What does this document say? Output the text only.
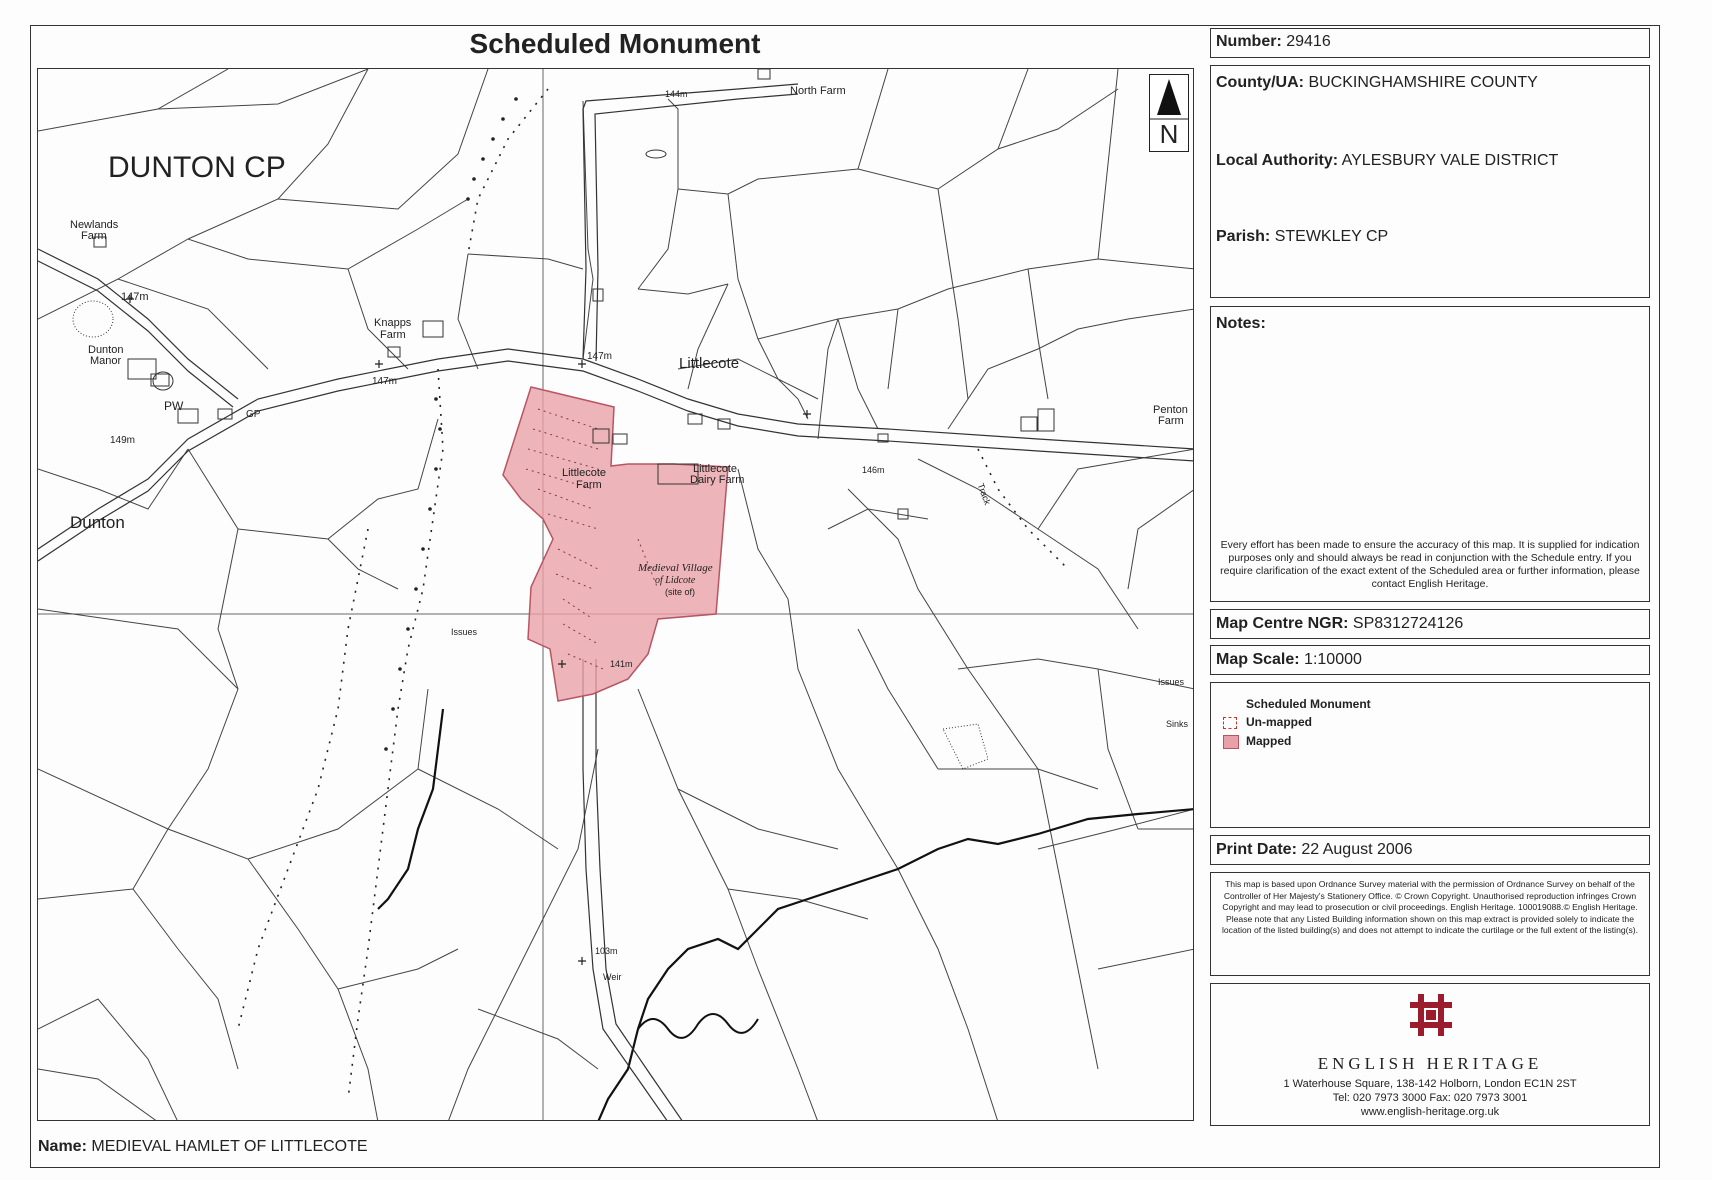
Scheduled Monument
DUNTON CP
Newlands
Farm
147m
Dunton
Manor
PW
GP
149m
Dunton
Knapps
Farm
147m
144m	North Farm
147m	Littlecote
Littlecote
Farm
Littlecote
Dairy Farm
146m
Track
Penton
Farm
Medieval Village
of Lidcote
(site of)
Issues
Issues
Sinks
141m
103m
Weir
N
Name: MEDIEVAL HAMLET OF LITTLECOTE
Number: 29416
County/UA: BUCKINGHAMSHIRE COUNTY
Local Authority: AYLESBURY VALE DISTRICT
Parish: STEWKLEY CP
Notes:
Every effort has been made to ensure the accuracy of this map. It is supplied for indication purposes only and should always be read in conjunction with the Schedule entry. If you require clarification of the exact extent of the Scheduled area or further information, please contact English Heritage.
Map Centre NGR: SP8312724126
Map Scale: 1:10000
Scheduled Monument
Un-mapped
Mapped
Print Date: 22 August 2006
This map is based upon Ordnance Survey material with the permission of Ordnance Survey on behalf of the Controller of Her Majesty's Stationery Office. © Crown Copyright. Unauthorised reproduction infringes Crown Copyright and may lead to prosecution or civil proceedings. English Heritage. 100019088.© English Heritage. Please note that any Listed Building information shown on this map extract is provided solely to indicate the location of the listed building(s) and does not attempt to indicate the curtilage or the full extent of the listing(s).
ENGLISH HERITAGE
1 Waterhouse Square, 138-142 Holborn, London EC1N 2ST
Tel: 020 7973 3000 Fax: 020 7973 3001
www.english-heritage.org.uk
